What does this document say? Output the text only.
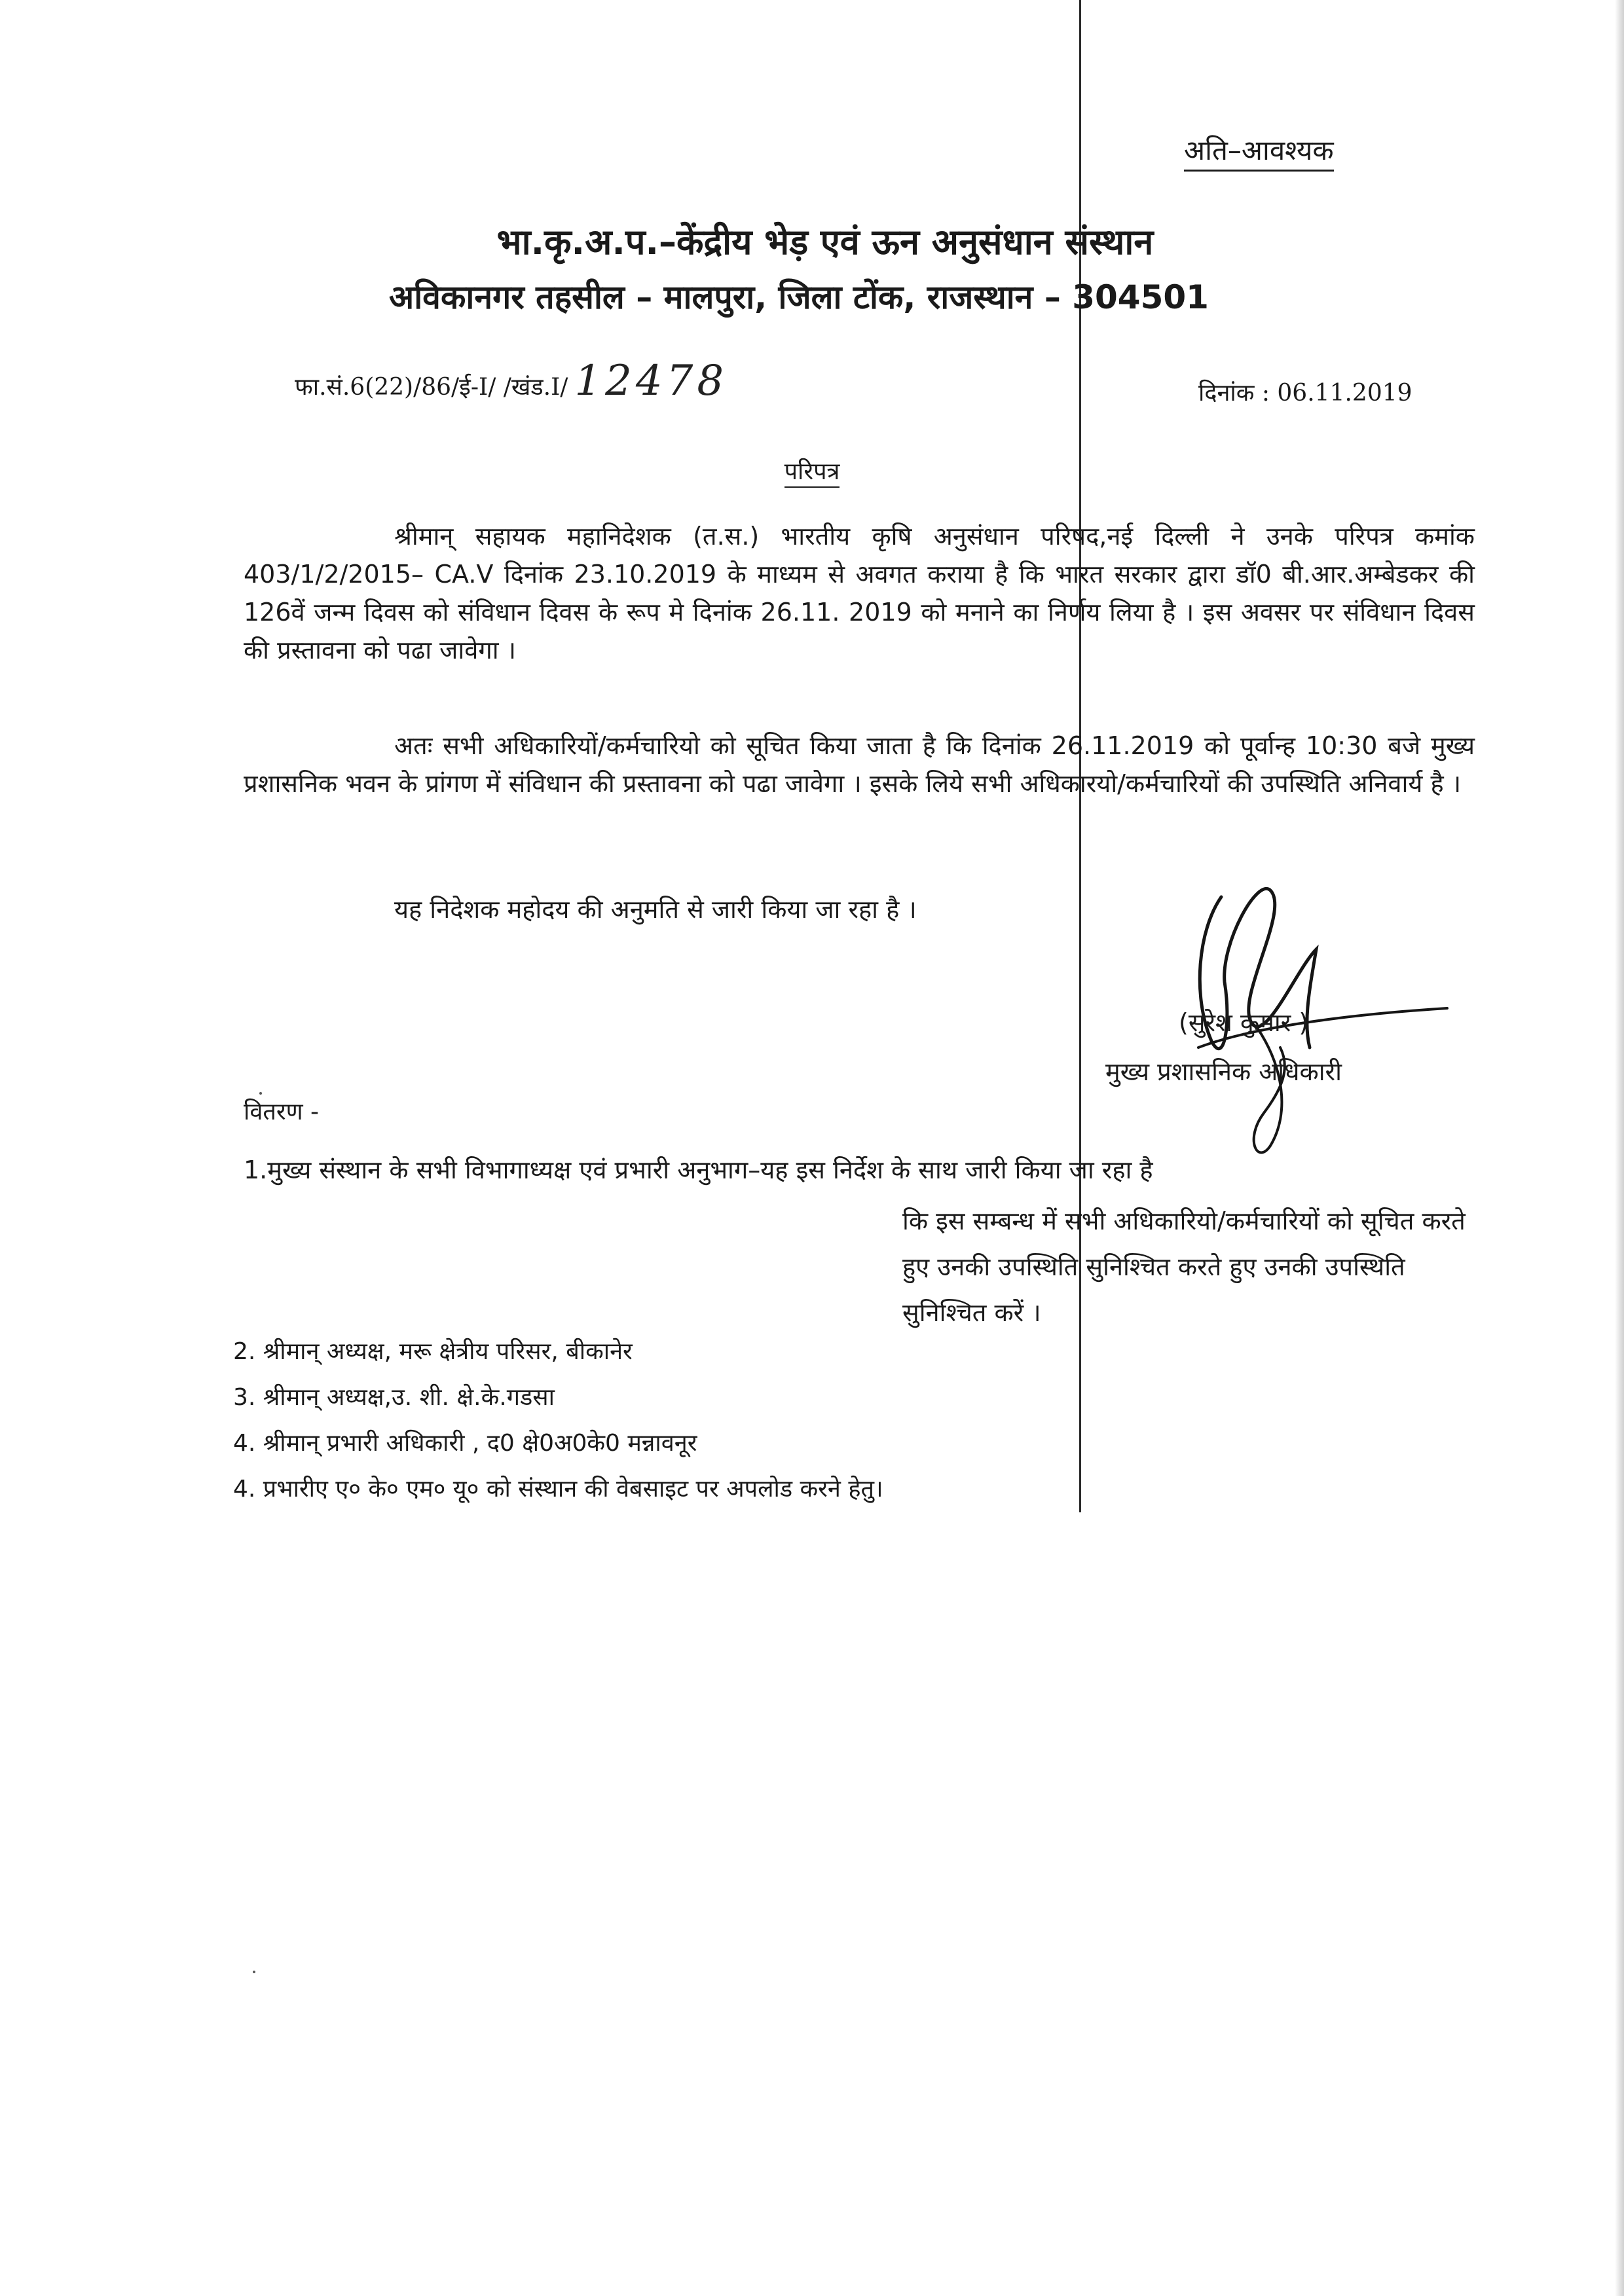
अति–आवश्यक
भा.कृ.अ.प.–केंद्रीय भेड़ एवं ऊन अनुसंधान संस्थान
अविकानगर तहसील – मालपुरा, जिला टोंक, राजस्थान – 304501
फा.सं.6(22)/86/ई-I/ /खंड.I/ 12478	दिनांक : 06.11.2019
परिपत्र
श्रीमान् सहायक महानिदेशक (त.स.) भारतीय कृषि अनुसंधान परिषद,नई दिल्ली ने उनके परिपत्र कमांक 403/1/2/2015– CA.V दिनांक 23.10.2019 के माध्यम से अवगत कराया है कि भारत सरकार द्वारा डॉ0 बी.आर.अम्बेडकर की 126वें जन्म दिवस को संविधान दिवस के रूप मे दिनांक 26.11. 2019 को मनाने का निर्णय लिया है । इस अवसर पर संविधान दिवस की प्रस्तावना को पढा जावेगा ।
अतः सभी अधिकारियों/कर्मचारियो को सूचित किया जाता है कि दिनांक 26.11.2019 को पूर्वान्ह 10:30 बजे मुख्य प्रशासनिक भवन के प्रांगण में संविधान की प्रस्तावना को पढा जावेगा । इसके लिये सभी अधिकारयो/कर्मचारियों की उपस्थिति अनिवार्य है ।
यह निदेशक महोदय की अनुमति से जारी किया जा रहा है ।
(सुरेश कुमार )
मुख्य प्रशासनिक अधिकारी
वितरण -
1.मुख्य संस्थान के सभी विभागाध्यक्ष एवं प्रभारी अनुभाग–यह इस निर्देश के साथ जारी किया जा रहा है
कि इस सम्बन्ध में सभी अधिकारियो/कर्मचारियों को सूचित करते हुए उनकी उपस्थिति सुनिश्चित करते हुए उनकी उपस्थिति सुनिश्चित करें ।
2. श्रीमान् अध्यक्ष, मरू क्षेत्रीय परिसर, बीकानेर
3. श्रीमान् अध्यक्ष,उ. शी. क्षे.के.गडसा
4. श्रीमान् प्रभारी अधिकारी , द0 क्षे0अ0के0 मन्नावनूर
4. प्रभारीए ए० के० एम० यू० को संस्थान की वेबसाइट पर अपलोड करने हेतु।
